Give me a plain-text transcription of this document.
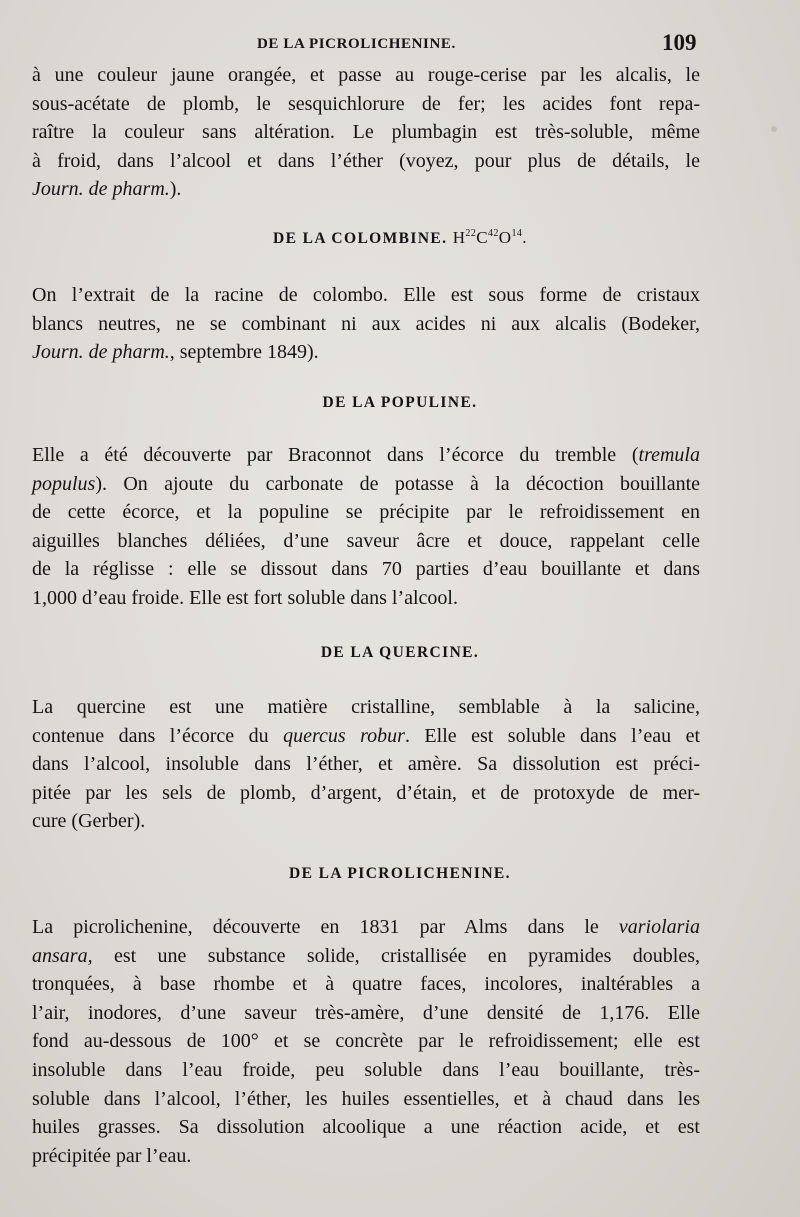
DE LA PICROLICHENINE.	109
à une couleur jaune orangée, et passe au rouge-cerise par les alcalis, le
sous-acétate de plomb, le sesquichlorure de fer; les acides font repa-
raître la couleur sans altération. Le plumbagin est très-soluble, même
à froid, dans l’alcool et dans l’éther (voyez, pour plus de détails, le
Journ. de pharm.).
DE LA COLOMBINE. $H^{22}C^{42}O^{14}$.
On l’extrait de la racine de colombo. Elle est sous forme de cristaux
blancs neutres, ne se combinant ni aux acides ni aux alcalis (Bodeker,
Journ. de pharm., septembre 1849).
DE LA POPULINE.
Elle a été découverte par Braconnot dans l’écorce du tremble (tremula
populus). On ajoute du carbonate de potasse à la décoction bouillante
de cette écorce, et la populine se précipite par le refroidissement en
aiguilles blanches déliées, d’une saveur âcre et douce, rappelant celle
de la réglisse : elle se dissout dans 70 parties d’eau bouillante et dans
1,000 d’eau froide. Elle est fort soluble dans l’alcool.
DE LA QUERCINE.
La quercine est une matière cristalline, semblable à la salicine,
contenue dans l’écorce du quercus robur. Elle est soluble dans l’eau et
dans l’alcool, insoluble dans l’éther, et amère. Sa dissolution est préci-
pitée par les sels de plomb, d’argent, d’étain, et de protoxyde de mer-
cure (Gerber).
DE LA PICROLICHENINE.
La picrolichenine, découverte en 1831 par Alms dans le variolaria
ansara, est une substance solide, cristallisée en pyramides doubles,
tronquées, à base rhombe et à quatre faces, incolores, inaltérables a
l’air, inodores, d’une saveur très-amère, d’une densité de 1,176. Elle
fond au-dessous de 100° et se concrète par le refroidissement; elle est
insoluble dans l’eau froide, peu soluble dans l’eau bouillante, très-
soluble dans l’alcool, l’éther, les huiles essentielles, et à chaud dans les
huiles grasses. Sa dissolution alcoolique a une réaction acide, et est
précipitée par l’eau.
